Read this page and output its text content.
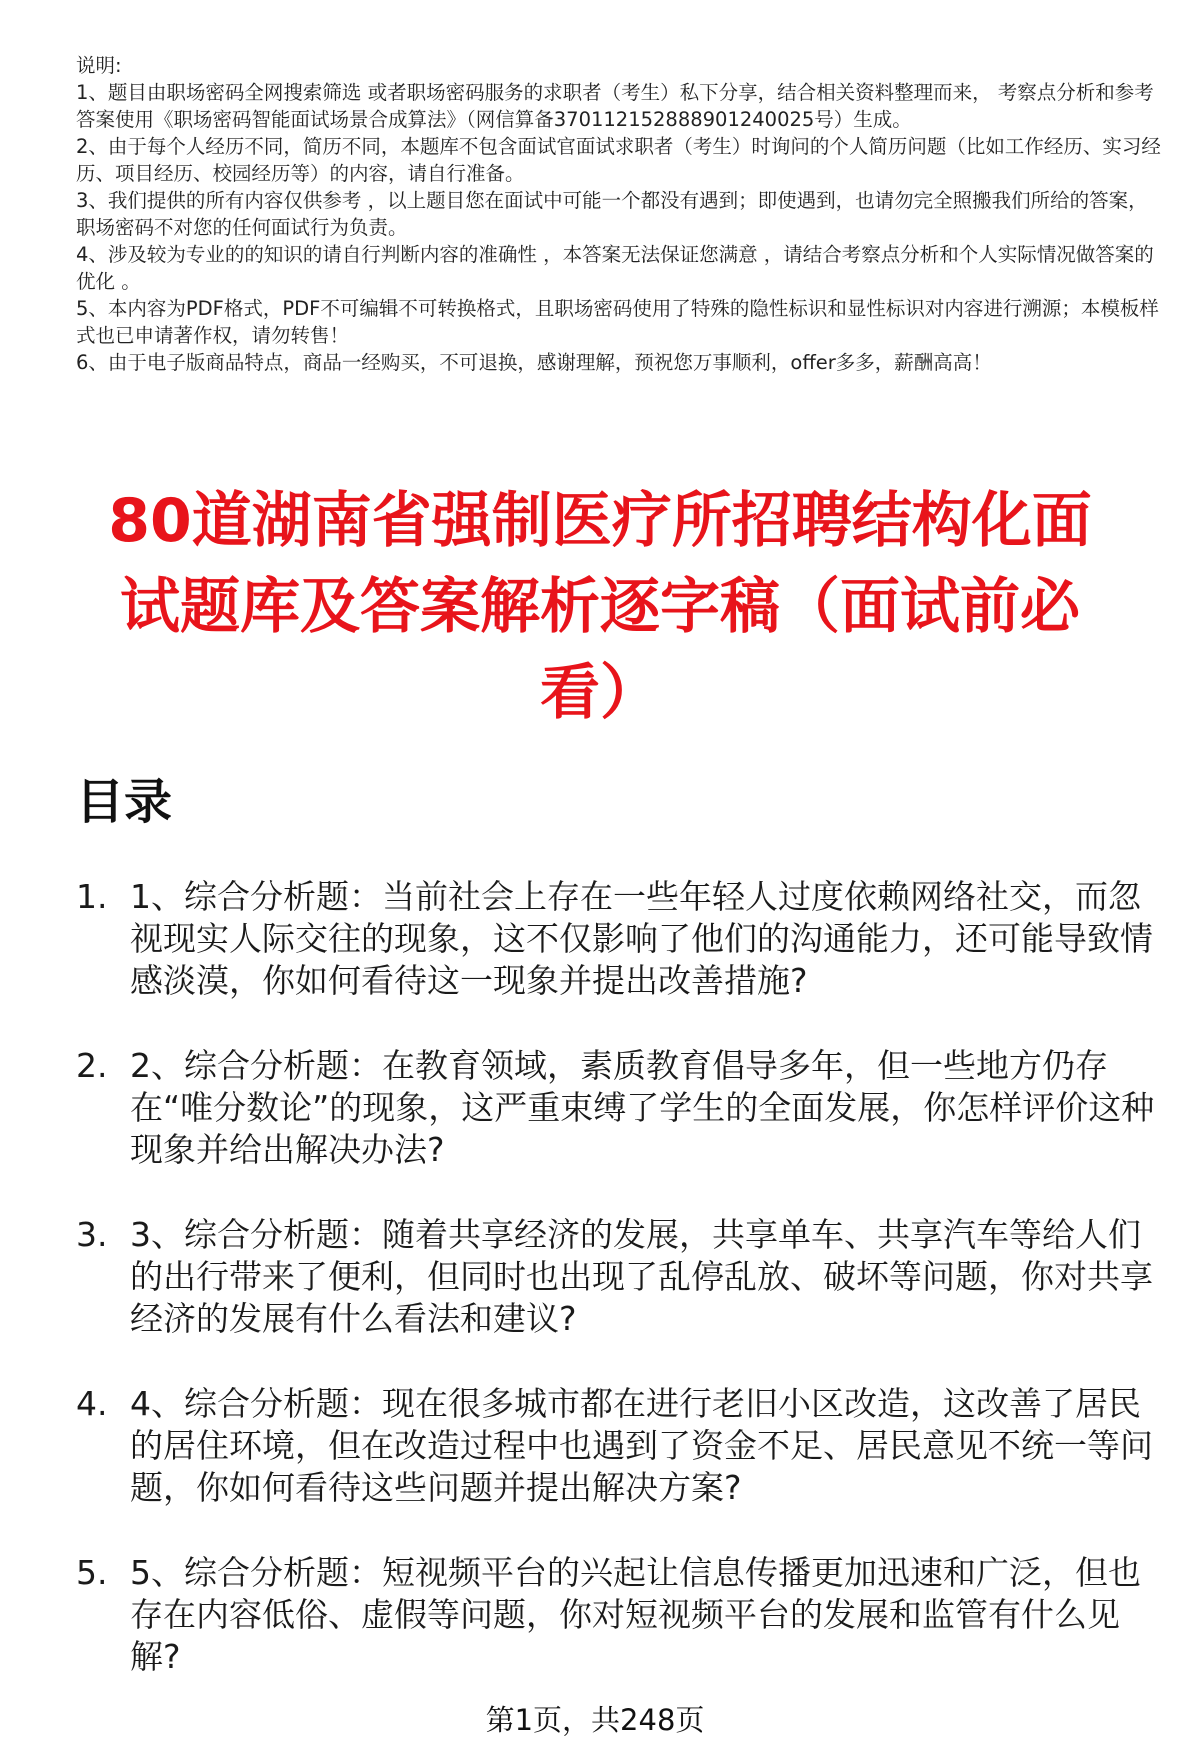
说明:

1、题目由职场密码全网搜索筛选 或者职场密码服务的求职者（考生）私下分享，结合相关资料整理而来， 考察点分析和参考答案使用《职场密码智能面试场景合成算法》（网信算备370112152888901240025号）生成。

2、由于每个人经历不同，简历不同，本题库不包含面试官面试求职者（考生）时询问的个人简历问题（比如工作经历、实习经历、项目经历、校园经历等）的内容，请自行准备。

3、我们提供的所有内容仅供参考 ，以上题目您在面试中可能一个都没有遇到；即使遇到，也请勿完全照搬我们所给的答案，职场密码不对您的任何面试行为负责。

4、涉及较为专业的的知识的请自行判断内容的准确性 ，本答案无法保证您满意 ，请结合考察点分析和个人实际情况做答案的优化 。

5、本内容为PDF格式，PDF不可编辑不可转换格式，且职场密码使用了特殊的隐性标识和显性标识对内容进行溯源；本模板样式也已申请著作权，请勿转售！

6、由于电子版商品特点，商品一经购买，不可退换，感谢理解，预祝您万事顺利，offer多多，薪酬高高！

80道湖南省强制医疗所招聘结构化面试题库及答案解析逐字稿（面试前必看）
目录
1. 1、综合分析题：当前社会上存在一些年轻人过度依赖网络社交，而忽视现实人际交往的现象，这不仅影响了他们的沟通能力，还可能导致情感淡漠，你如何看待这一现象并提出改善措施?
2. 2、综合分析题：在教育领域，素质教育倡导多年，但一些地方仍存在“唯分数论”的现象，这严重束缚了学生的全面发展，你怎样评价这种现象并给出解决办法?
3. 3、综合分析题：随着共享经济的发展，共享单车、共享汽车等给人们的出行带来了便利，但同时也出现了乱停乱放、破坏等问题，你对共享经济的发展有什么看法和建议?
4. 4、综合分析题：现在很多城市都在进行老旧小区改造，这改善了居民的居住环境，但在改造过程中也遇到了资金不足、居民意见不统一等问题，你如何看待这些问题并提出解决方案?
5. 5、综合分析题：短视频平台的兴起让信息传播更加迅速和广泛，但也存在内容低俗、虚假等问题，你对短视频平台的发展和监管有什么见解?
第1页，共248页
